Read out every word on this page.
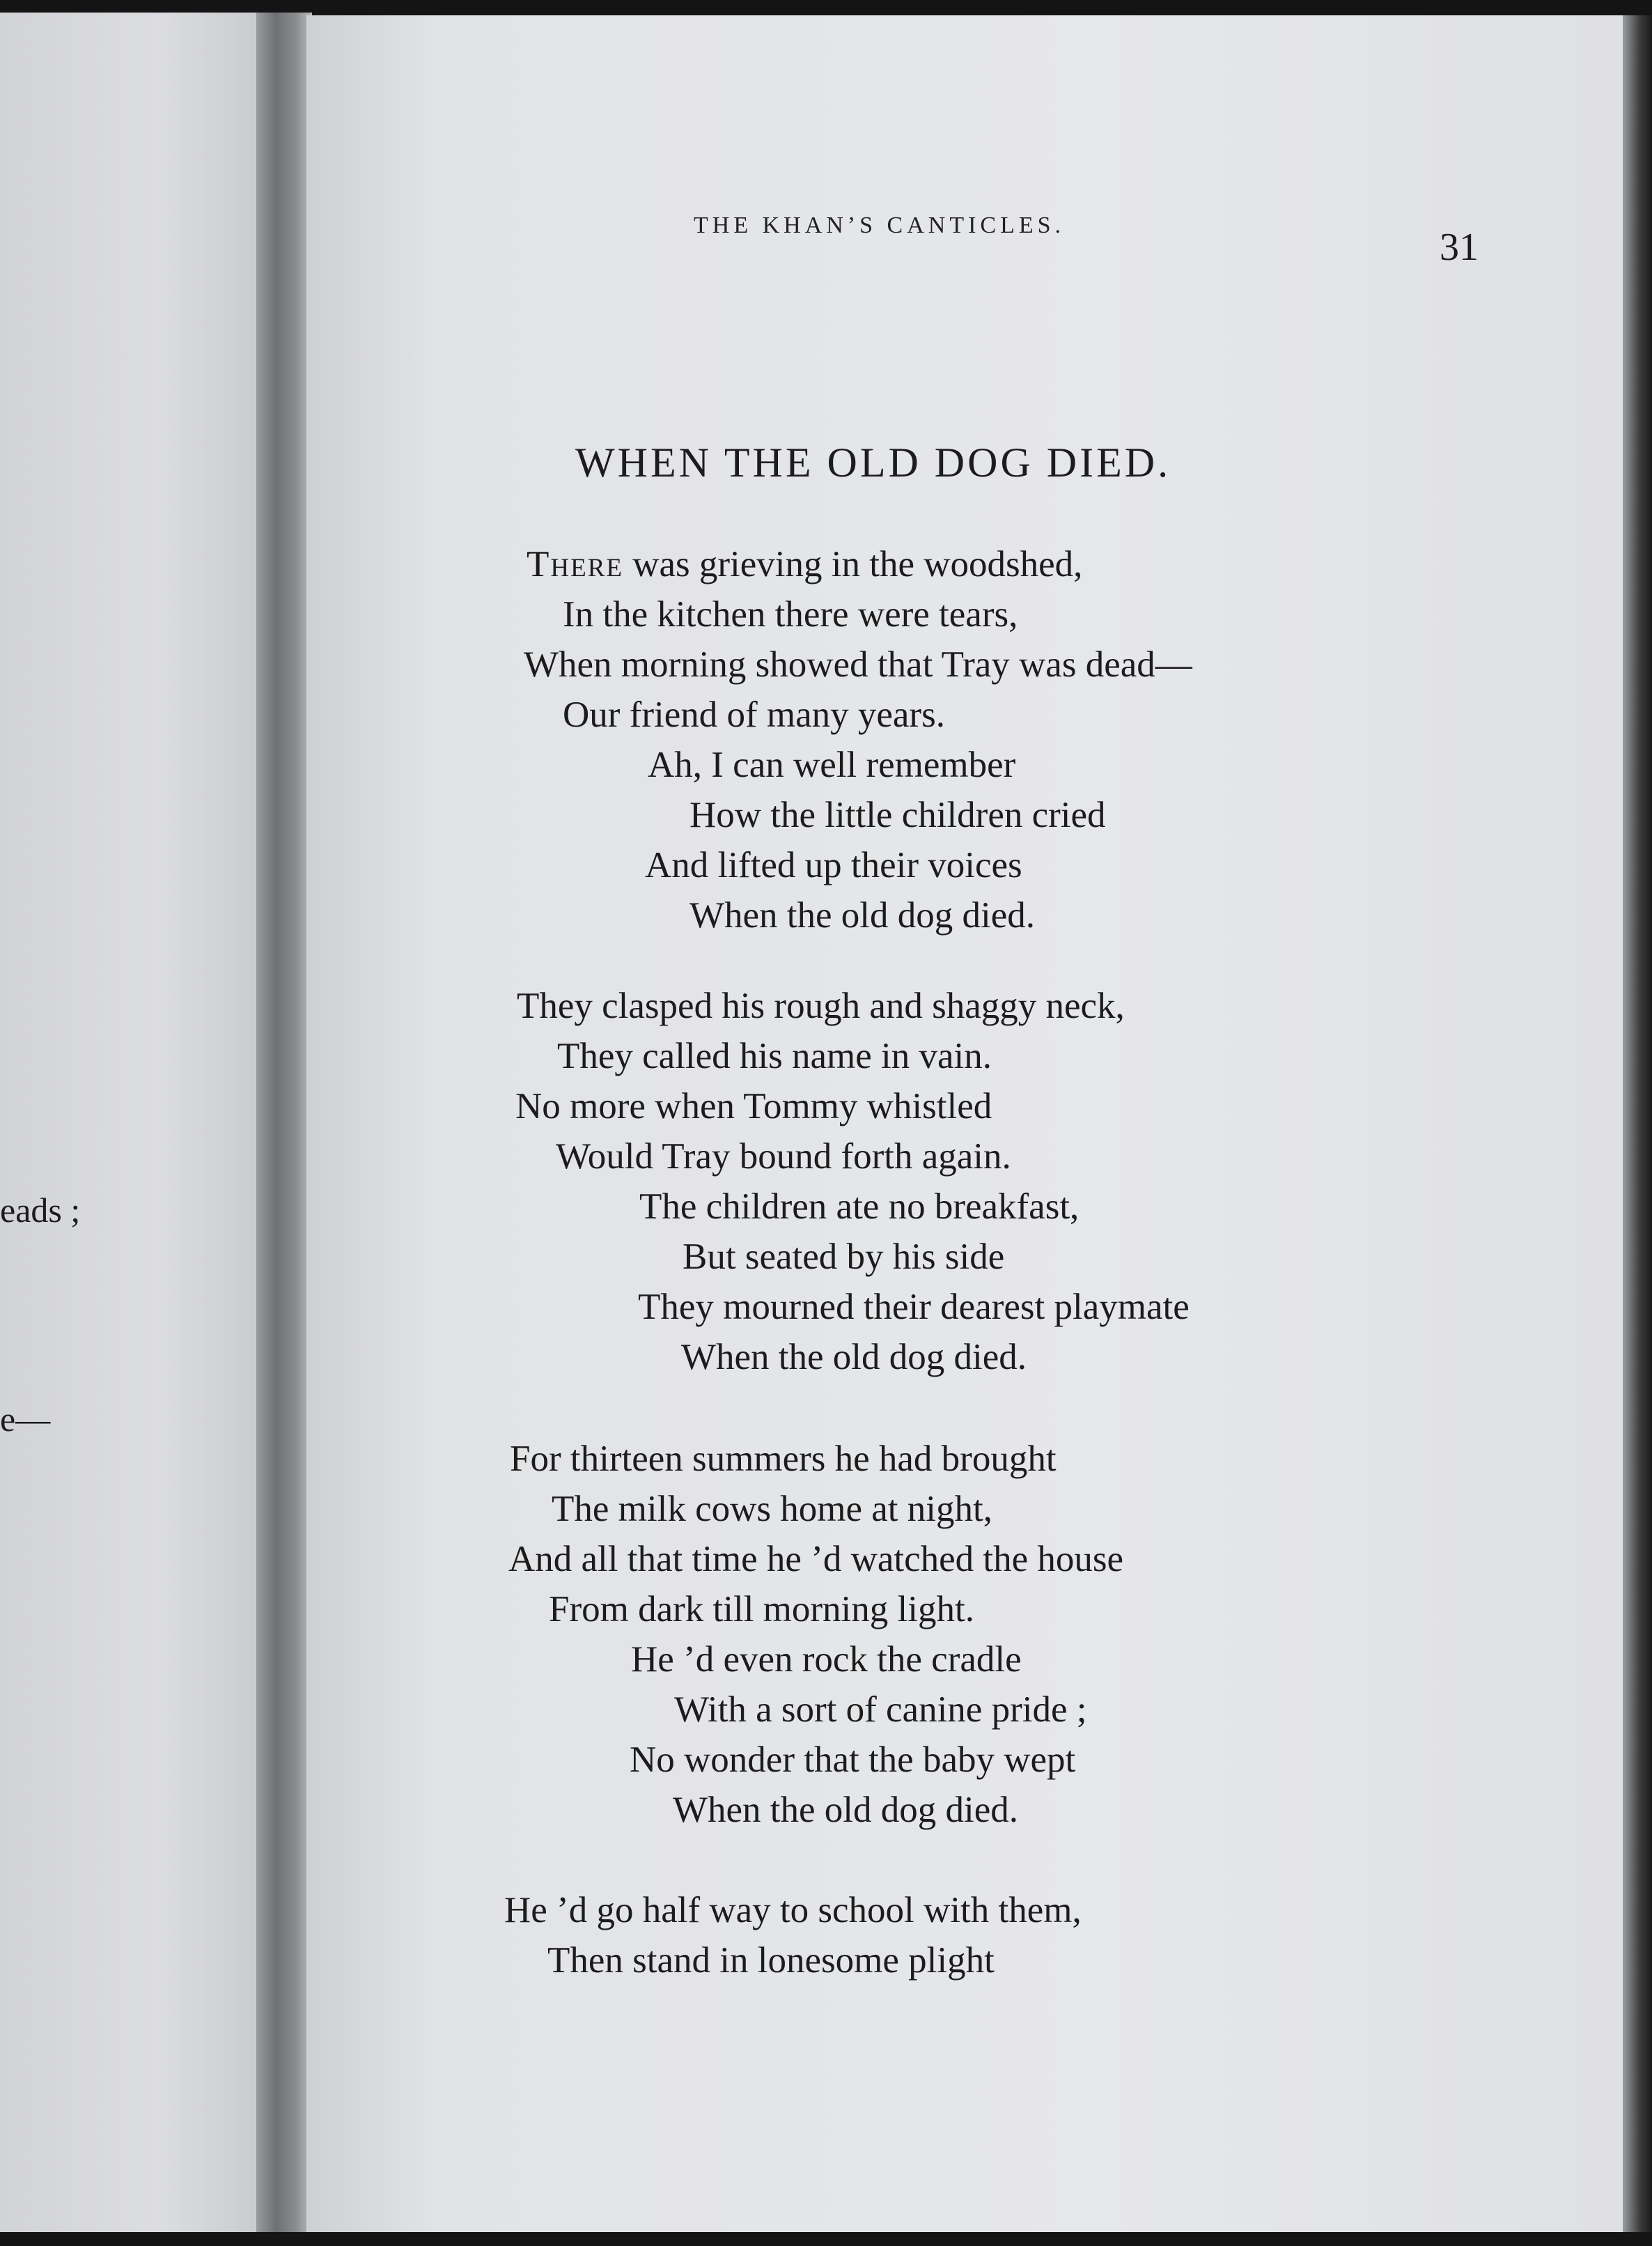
eads ;
e—
THE KHAN’S CANTICLES.
31
WHEN THE OLD DOG DIED.
There was grieving in the woodshed,
In the kitchen there were tears,
When morning showed that Tray was dead—
Our friend of many years.
Ah, I can well remember
How the little children cried
And lifted up their voices
When the old dog died.
They clasped his rough and shaggy neck,
They called his name in vain.
No more when Tommy whistled
Would Tray bound forth again.
The children ate no breakfast,
But seated by his side
They mourned their dearest playmate
When the old dog died.
For thirteen summers he had brought
The milk cows home at night,
And all that time he ’d watched the house
From dark till morning light.
He ’d even rock the cradle
With a sort of canine pride ;
No wonder that the baby wept
When the old dog died.
He ’d go half way to school with them,
Then stand in lonesome plight
